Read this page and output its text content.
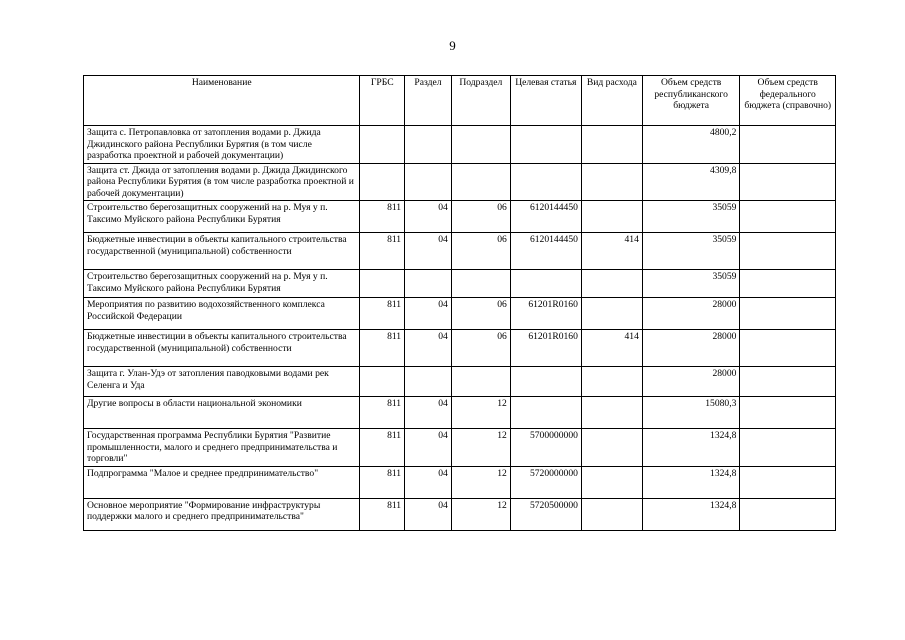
9
Наименование	ГРБС	Раздел	Подраздел	Целевая статья	Вид расхода	Объем средств республиканского бюджета	Объем средств федерального бюджета (справочно)
Защита с. Петропавловка от затопления водами р. Джида Джидинского района Республики Бурятия (в том числе разработка проектной и рабочей документации)						4800,2	
Защита ст. Джида от затопления водами р. Джида Джидинского района Республики Бурятия (в том числе разработка проектной и рабочей документации)						4309,8	
Строительство берегозащитных сооружений на р. Муя у п. Таксимо Муйского района Республики Бурятия	811	04	06	6120144450		35059	
Бюджетные инвестиции в объекты капитального строительства государственной (муниципальной) собственности	811	04	06	6120144450	414	35059	
Строительство берегозащитных сооружений на р. Муя у п. Таксимо Муйского района Республики Бурятия						35059	
Мероприятия по развитию водохозяйственного комплекса Российской Федерации	811	04	06	61201R0160		28000	
Бюджетные инвестиции в объекты капитального строительства государственной (муниципальной) собственности	811	04	06	61201R0160	414	28000	
Защита г. Улан-Удэ от затопления паводковыми водами рек Селенга и Уда						28000	
Другие вопросы в области национальной экономики	811	04	12			15080,3	
Государственная программа Республики Бурятия "Развитие промышленности, малого и среднего предпринимательства и торговли"	811	04	12	5700000000		1324,8	
Подпрограмма "Малое и среднее предпринимательство"	811	04	12	5720000000		1324,8	
Основное мероприятие "Формирование инфраструктуры поддержки малого и среднего предпринимательства"	811	04	12	5720500000		1324,8	
